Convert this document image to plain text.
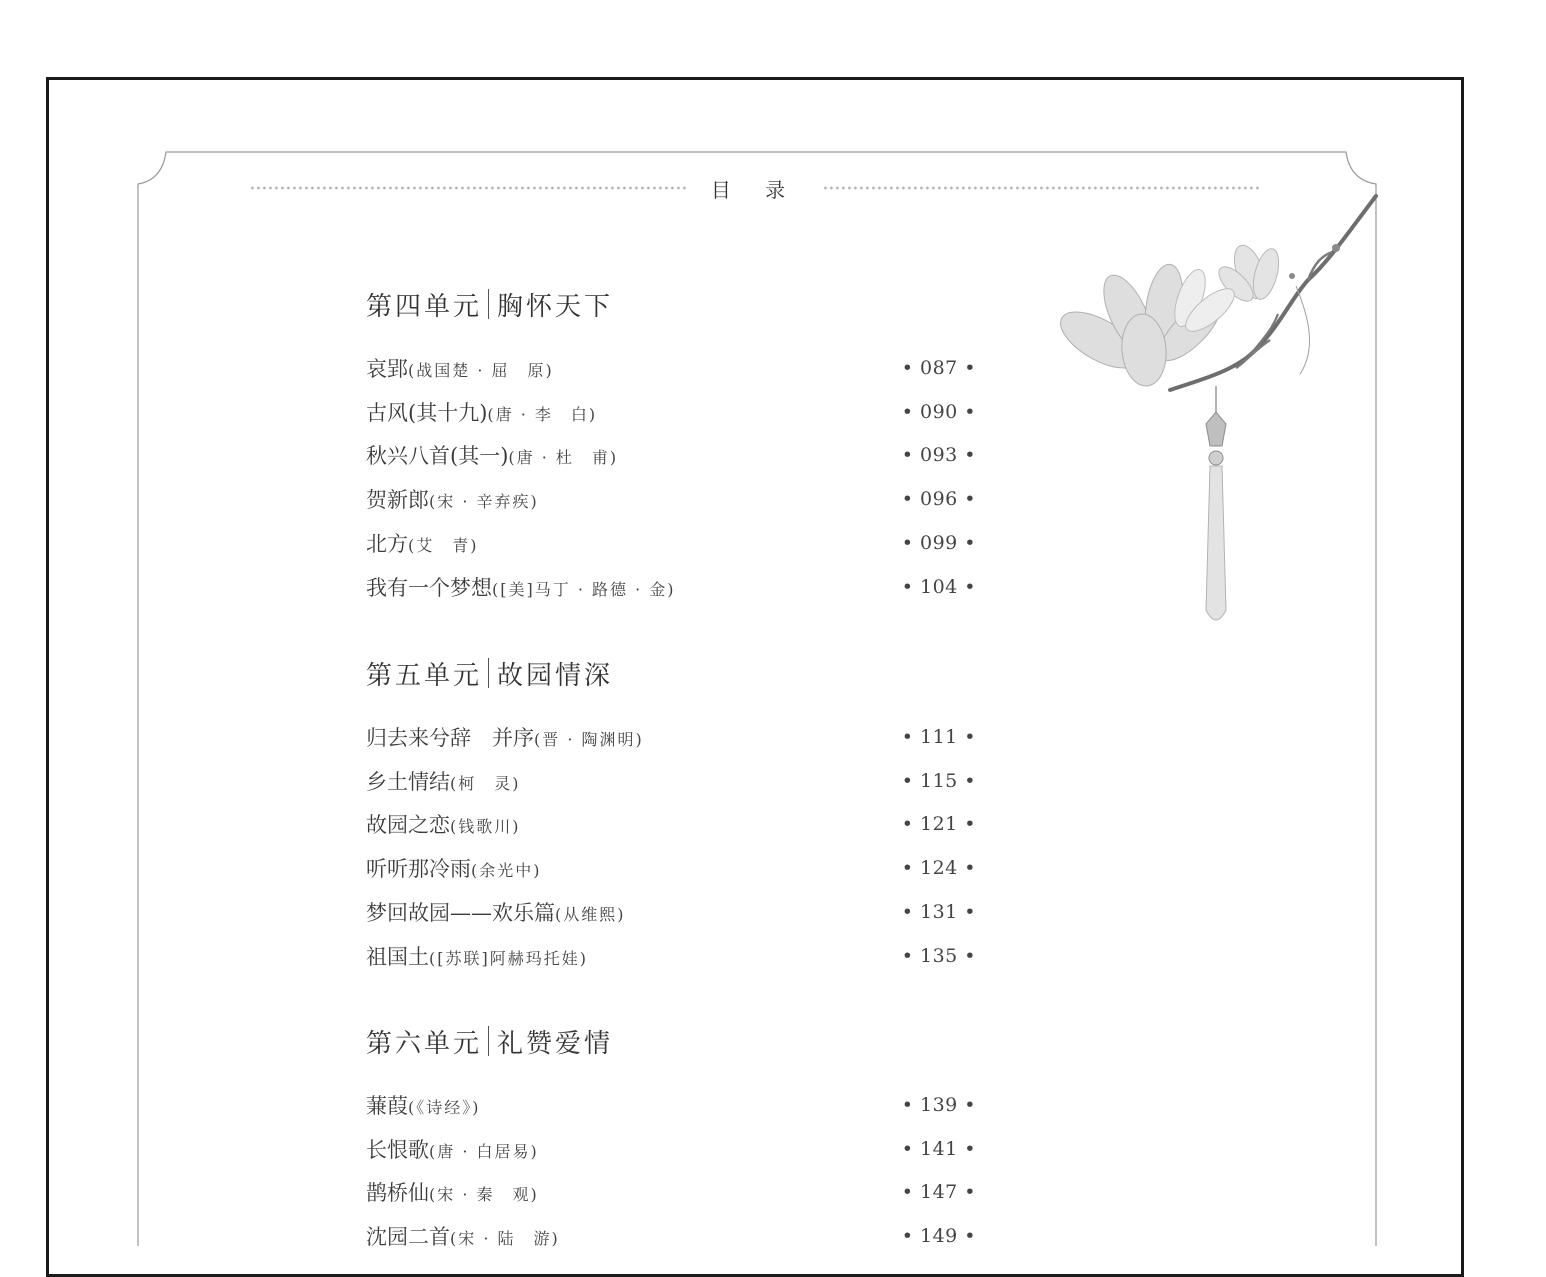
目 录
第四单元 胸怀天下
哀郢(战国楚 · 屈　原)	• 087 •
古风(其十九)(唐 · 李　白)	• 090 •
秋兴八首(其一)(唐 · 杜　甫)	• 093 •
贺新郎(宋 · 辛弃疾)	• 096 •
北方(艾　青)	• 099 •
我有一个梦想([美]马丁 · 路德 · 金)	• 104 •
第五单元 故园情深
归去来兮辞　并序(晋 · 陶渊明)	• 111 •
乡土情结(柯　灵)	• 115 •
故园之恋(钱歌川)	• 121 •
听听那冷雨(余光中)	• 124 •
梦回故园——欢乐篇(从维熙)	• 131 •
祖国土([苏联]阿赫玛托娃)	• 135 •
第六单元 礼赞爱情
蒹葭(《诗经》)	• 139 •
长恨歌(唐 · 白居易)	• 141 •
鹊桥仙(宋 · 秦　观)	• 147 •
沈园二首(宋 · 陆　游)	• 149 •
